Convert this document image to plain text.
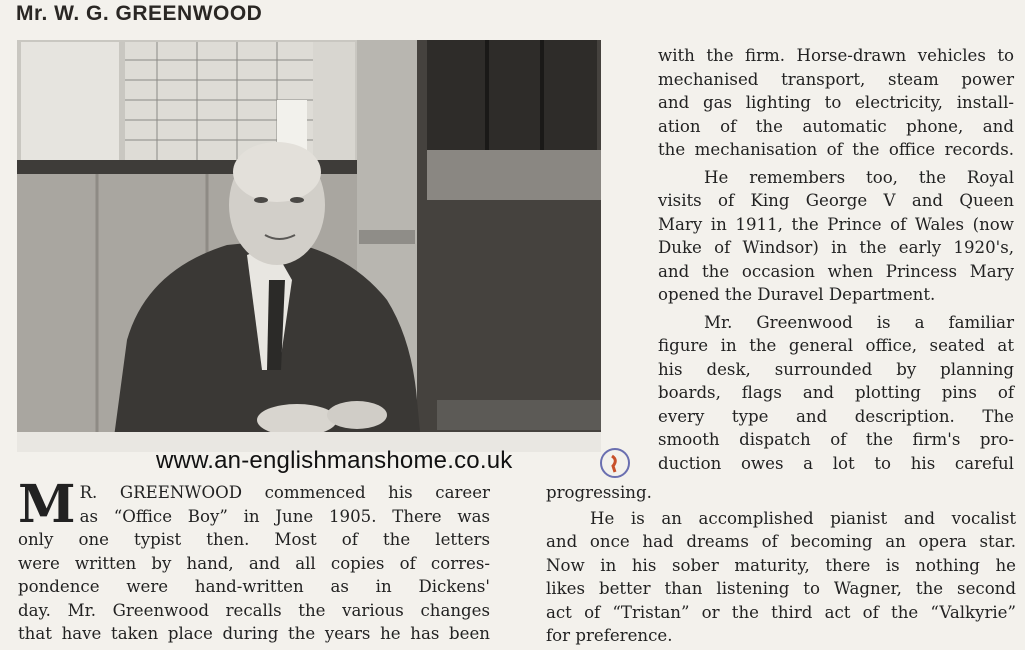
Mr. W. G. GREENWOOD
www.an-englishmanshome.co.uk

with the firm. Horse-drawn vehicles to
mechanised transport, steam power
and gas lighting to electricity, install-
ation of the automatic phone, and
the mechanisation of the office records.

He remembers too, the Royal
visits of King George V and Queen
Mary in 1911, the Prince of Wales (now
Duke of Windsor) in the early 1920's,
and the occasion when Princess Mary
opened the Duravel Department.

Mr. Greenwood is a familiar
figure in the general office, seated at
his desk, surrounded by planning
boards, flags and plotting pins of
every type and description. The
smooth dispatch of the firm's pro-
duction owes a lot to his careful

M R. GREENWOOD commenced his career
as “Office Boy” in June 1905. There was
only one typist then. Most of the letters
were written by hand, and all copies of corres-
pondence were hand-written as in Dickens'
day. Mr. Greenwood recalls the various changes
that have taken place during the years he has been
progressing.

He is an accomplished pianist and vocalist
and once had dreams of becoming an opera star.
Now in his sober maturity, there is nothing he
likes better than listening to Wagner, the second
act of “Tristan” or the third act of the “Valkyrie”
for preference.
